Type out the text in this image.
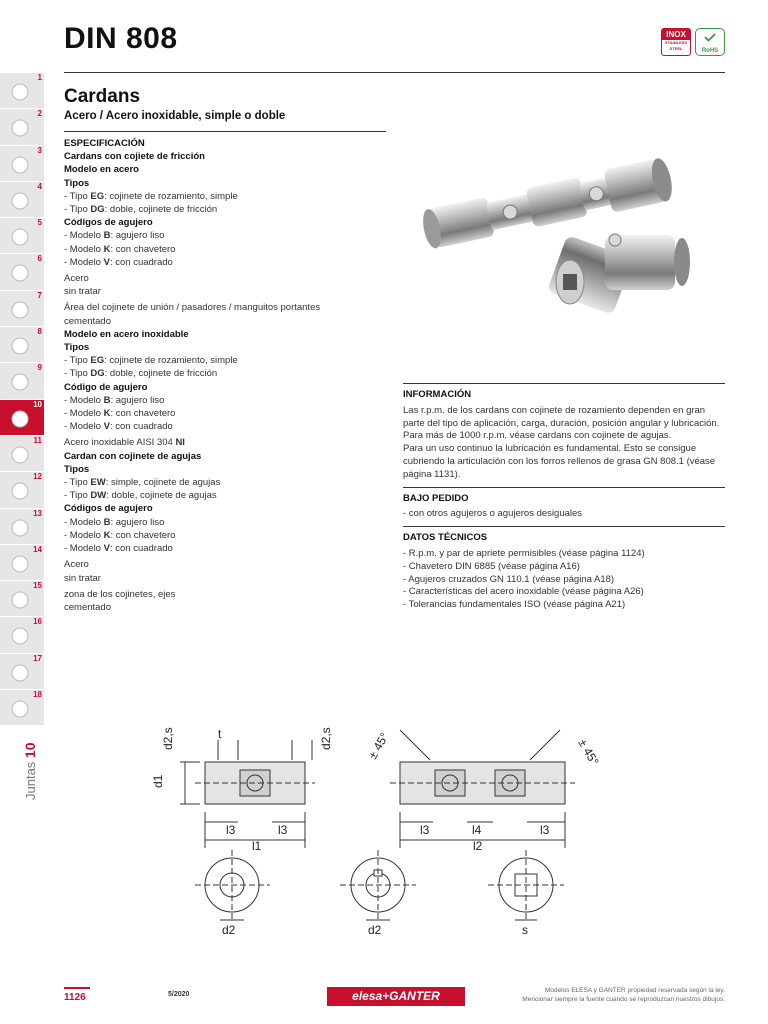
DIN 808	INOX
STAINLESS STEEL	RoHS
1
2
3
4
5
6
7
8
9
10
11
12
13
14
15
16
17
18
Juntas 10
Cardans
Acero / Acero inoxidable, simple o doble
ESPECIFICACIÓN
Cardans con cojiete de fricción
Modelo en acero
Tipos
- Tipo EG: cojinete de rozamiento, simple
- Tipo DG: doble, cojinete de fricción
Códigos de agujero
- Modelo B: agujero liso
- Modelo K: con chavetero
- Modelo V: con cuadrado
Acero
sin tratar
Área del cojinete de unión / pasadores / manguitos portantes
cementado
Modelo en acero inoxidable
Tipos
- Tipo EG: cojinete de rozamiento, simple
- Tipo DG: doble, cojinete de fricción
Código de agujero
- Modelo B: agujero liso
- Modelo K: con chavetero
- Modelo V: con cuadrado
Acero inoxidable AISI 304 NI
Cardan con cojinete de agujas
Tipos
- Tipo EW: simple, cojinete de agujas
- Tipo DW: doble, cojinete de agujas
Códigos de agujero
- Modelo B: agujero liso
- Modelo K: con chavetero
- Modelo V: con cuadrado
Acero
sin tratar
zona de los cojinetes, ejes
cementado
INFORMACIÓN
Las r.p.m. de los cardans con cojinete de rozamiento dependen en gran parte del tipo de aplicación, carga, duración, posición angular y lubricación. Para más de 1000 r.p.m. véase cardans con cojinete de agujas.
Para un uso continuo la lubricación es fundamental. Esto se consigue cubriendo la articulación con los forros rellenos de grasa GN 808.1 (véase página 1131).
BAJO PEDIDO
- con otros agujeros o agujeros desiguales
DATOS TÉCNICOS
- R.p.m. y par de apriete permisibles (véase página 1124)
- Chavetero DIN 6885 (véase página A16)
- Agujeros cruzados GN 110.1 (véase página A18)
- Características del acero inoxidable (véase página A26)
- Tolerancias fundamentales ISO (véase página A21)
d2,s	t
d1
d2,s
l3	l3
l1
± 45°	± 45°
l3	l4	l3
l2
d2	d2	s
1126	5/2020	elesa+GANTER	Modelos ELESA y GANTER propiedad reservada según la ley.
Mencionar siempre la fuente cuando se reproduzcan nuestros dibujos.
